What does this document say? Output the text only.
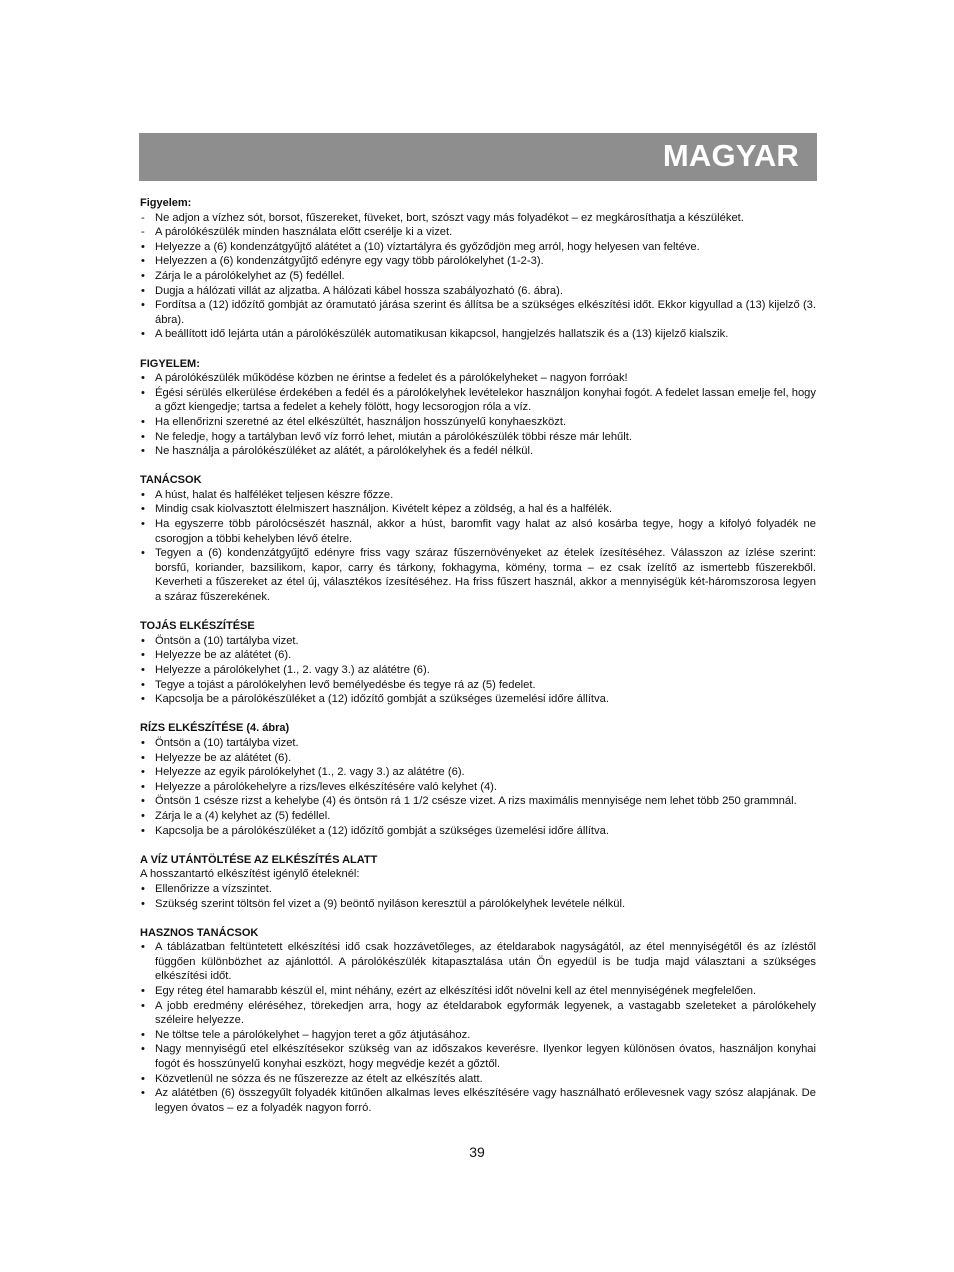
MAGYAR
Figyelem:
- Ne adjon a vízhez sót, borsot, fűszereket, füveket, bort, szószt vagy más folyadékot – ez megkárosíthatja a készüléket.
- A párolókészülék minden használata előtt cserélje ki a vizet.
• Helyezze a (6) kondenzátgyűjtő alátétet a (10) víztartályra és győződjön meg arról, hogy helyesen van feltéve.
• Helyezzen a (6) kondenzátgyűjtő edényre egy vagy több párolókelyhet (1-2-3).
• Zárja le a párolókelyhet az (5) fedéllel.
• Dugja a hálózati villát az aljzatba. A hálózati kábel hossza szabályozható (6. ábra).
• Fordítsa a (12) időzítő gombját az óramutató járása szerint és állítsa be a szükséges elkészítési időt. Ekkor kigyullad a (13) kijelző (3. ábra).
• A beállított idő lejárta után a párolókészülék automatikusan kikapcsol, hangjelzés hallatszik és a (13) kijelző kialszik.
FIGYELEM:
• A párolókészülék működése közben ne érintse a fedelet és a párolókelyheket – nagyon forróak!
• Égési sérülés elkerülése érdekében a fedél és a párolókelyhek levételekor használjon konyhai fogót. A fedelet lassan emelje fel, hogy a gőzt kiengedje; tartsa a fedelet a kehely fölött, hogy lecsorogjon róla a víz.
• Ha ellenőrizni szeretné az étel elkészültét, használjon hosszúnyelű konyhaeszközt.
• Ne feledje, hogy a tartályban levő víz forró lehet, miután a párolókészülék többi része már lehűlt.
• Ne használja a párolókészüléket az alátét, a párolókelyhek és a fedél nélkül.
TANÁCSOK
• A húst, halat és halféléket teljesen készre főzze.
• Mindig csak kiolvasztott élelmiszert használjon. Kivételt képez a zöldség, a hal és a halfélék.
• Ha egyszerre több párolócsészét használ, akkor a húst, baromfit vagy halat az alsó kosárba tegye, hogy a kifolyó folyadék ne csorogjon a többi kehelyben lévő ételre.
• Tegyen a (6) kondenzátgyűjtő edényre friss vagy száraz fűszernövényeket az ételek ízesítéséhez. Válasszon az ízlése szerint: borsfű, koriander, bazsilikom, kapor, carry és tárkony, fokhagyma, kömény, torma – ez csak ízelítő az ismertebb fűszerekből. Keverheti a fűszereket az étel új, választékos ízesítéséhez. Ha friss fűszert használ, akkor a mennyiségük két-háromszorosa legyen a száraz fűszerekének.
TOJÁS ELKÉSZÍTÉSE
• Öntsön a (10) tartályba vizet.
• Helyezze be az alátétet (6).
• Helyezze a párolókelyhet (1., 2. vagy 3.) az alátétre (6).
• Tegye a tojást a párolókelyhen levő bemélyedésbe és tegye rá az (5) fedelet.
• Kapcsolja be a párolókészüléket a (12) időzítő gombját a szükséges üzemelési időre állítva.
RÍZS ELKÉSZÍTÉSE (4. ábra)
• Öntsön a (10) tartályba vizet.
• Helyezze be az alátétet (6).
• Helyezze az egyik párolókelyhet (1., 2. vagy 3.) az alátétre (6).
• Helyezze a párolókehelyre a rizs/leves elkészítésére való kelyhet (4).
• Öntsön 1 csésze rizst a kehelybe (4) és öntsön rá 1 1/2 csésze vizet. A rizs maximális mennyisége nem lehet több 250 grammnál.
• Zárja le a (4) kelyhet az (5) fedéllel.
• Kapcsolja be a párolókészüléket a (12) időzítő gombját a szükséges üzemelési időre állítva.
A VÍZ UTÁNTÖLTÉSE AZ ELKÉSZÍTÉS ALATT
A hosszantartó elkészítést igénylő ételeknél:
• Ellenőrizze a vízszintet.
• Szükség szerint töltsön fel vizet a (9) beöntő nyiláson keresztül a párolókelyhek levétele nélkül.
HASZNOS TANÁCSOK
• A táblázatban feltüntetett elkészítési idő csak hozzávetőleges, az ételdarabok nagyságától, az étel mennyiségétől és az ízléstől függően különbözhet az ajánlottól. A párolókészülék kitapasztalása után Ön egyedül is be tudja majd választani a szükséges elkészítési időt.
• Egy réteg étel hamarabb készül el, mint néhány, ezért az elkészítési időt növelni kell az étel mennyiségének megfelelően.
• A jobb eredmény eléréséhez, törekedjen arra, hogy az ételdarabok egyformák legyenek, a vastagabb szeleteket a párolókehely széleire helyezze.
• Ne töltse tele a párolókelyhet – hagyjon teret a gőz átjutásához.
• Nagy mennyiségű etel elkészítésekor szükség van az időszakos keverésre. Ilyenkor legyen különösen óvatos, használjon konyhai fogót és hosszúnyelű konyhai eszközt, hogy megvédje kezét a gőztől.
• Közvetlenül ne sózza és ne fűszerezze az ételt az elkészítés alatt.
• Az alátétben (6) összegyűlt folyadék kitűnően alkalmas leves elkészítésére vagy használható erőlevesnek vagy szósz alapjának. De legyen óvatos – ez a folyadék nagyon forró.
39
